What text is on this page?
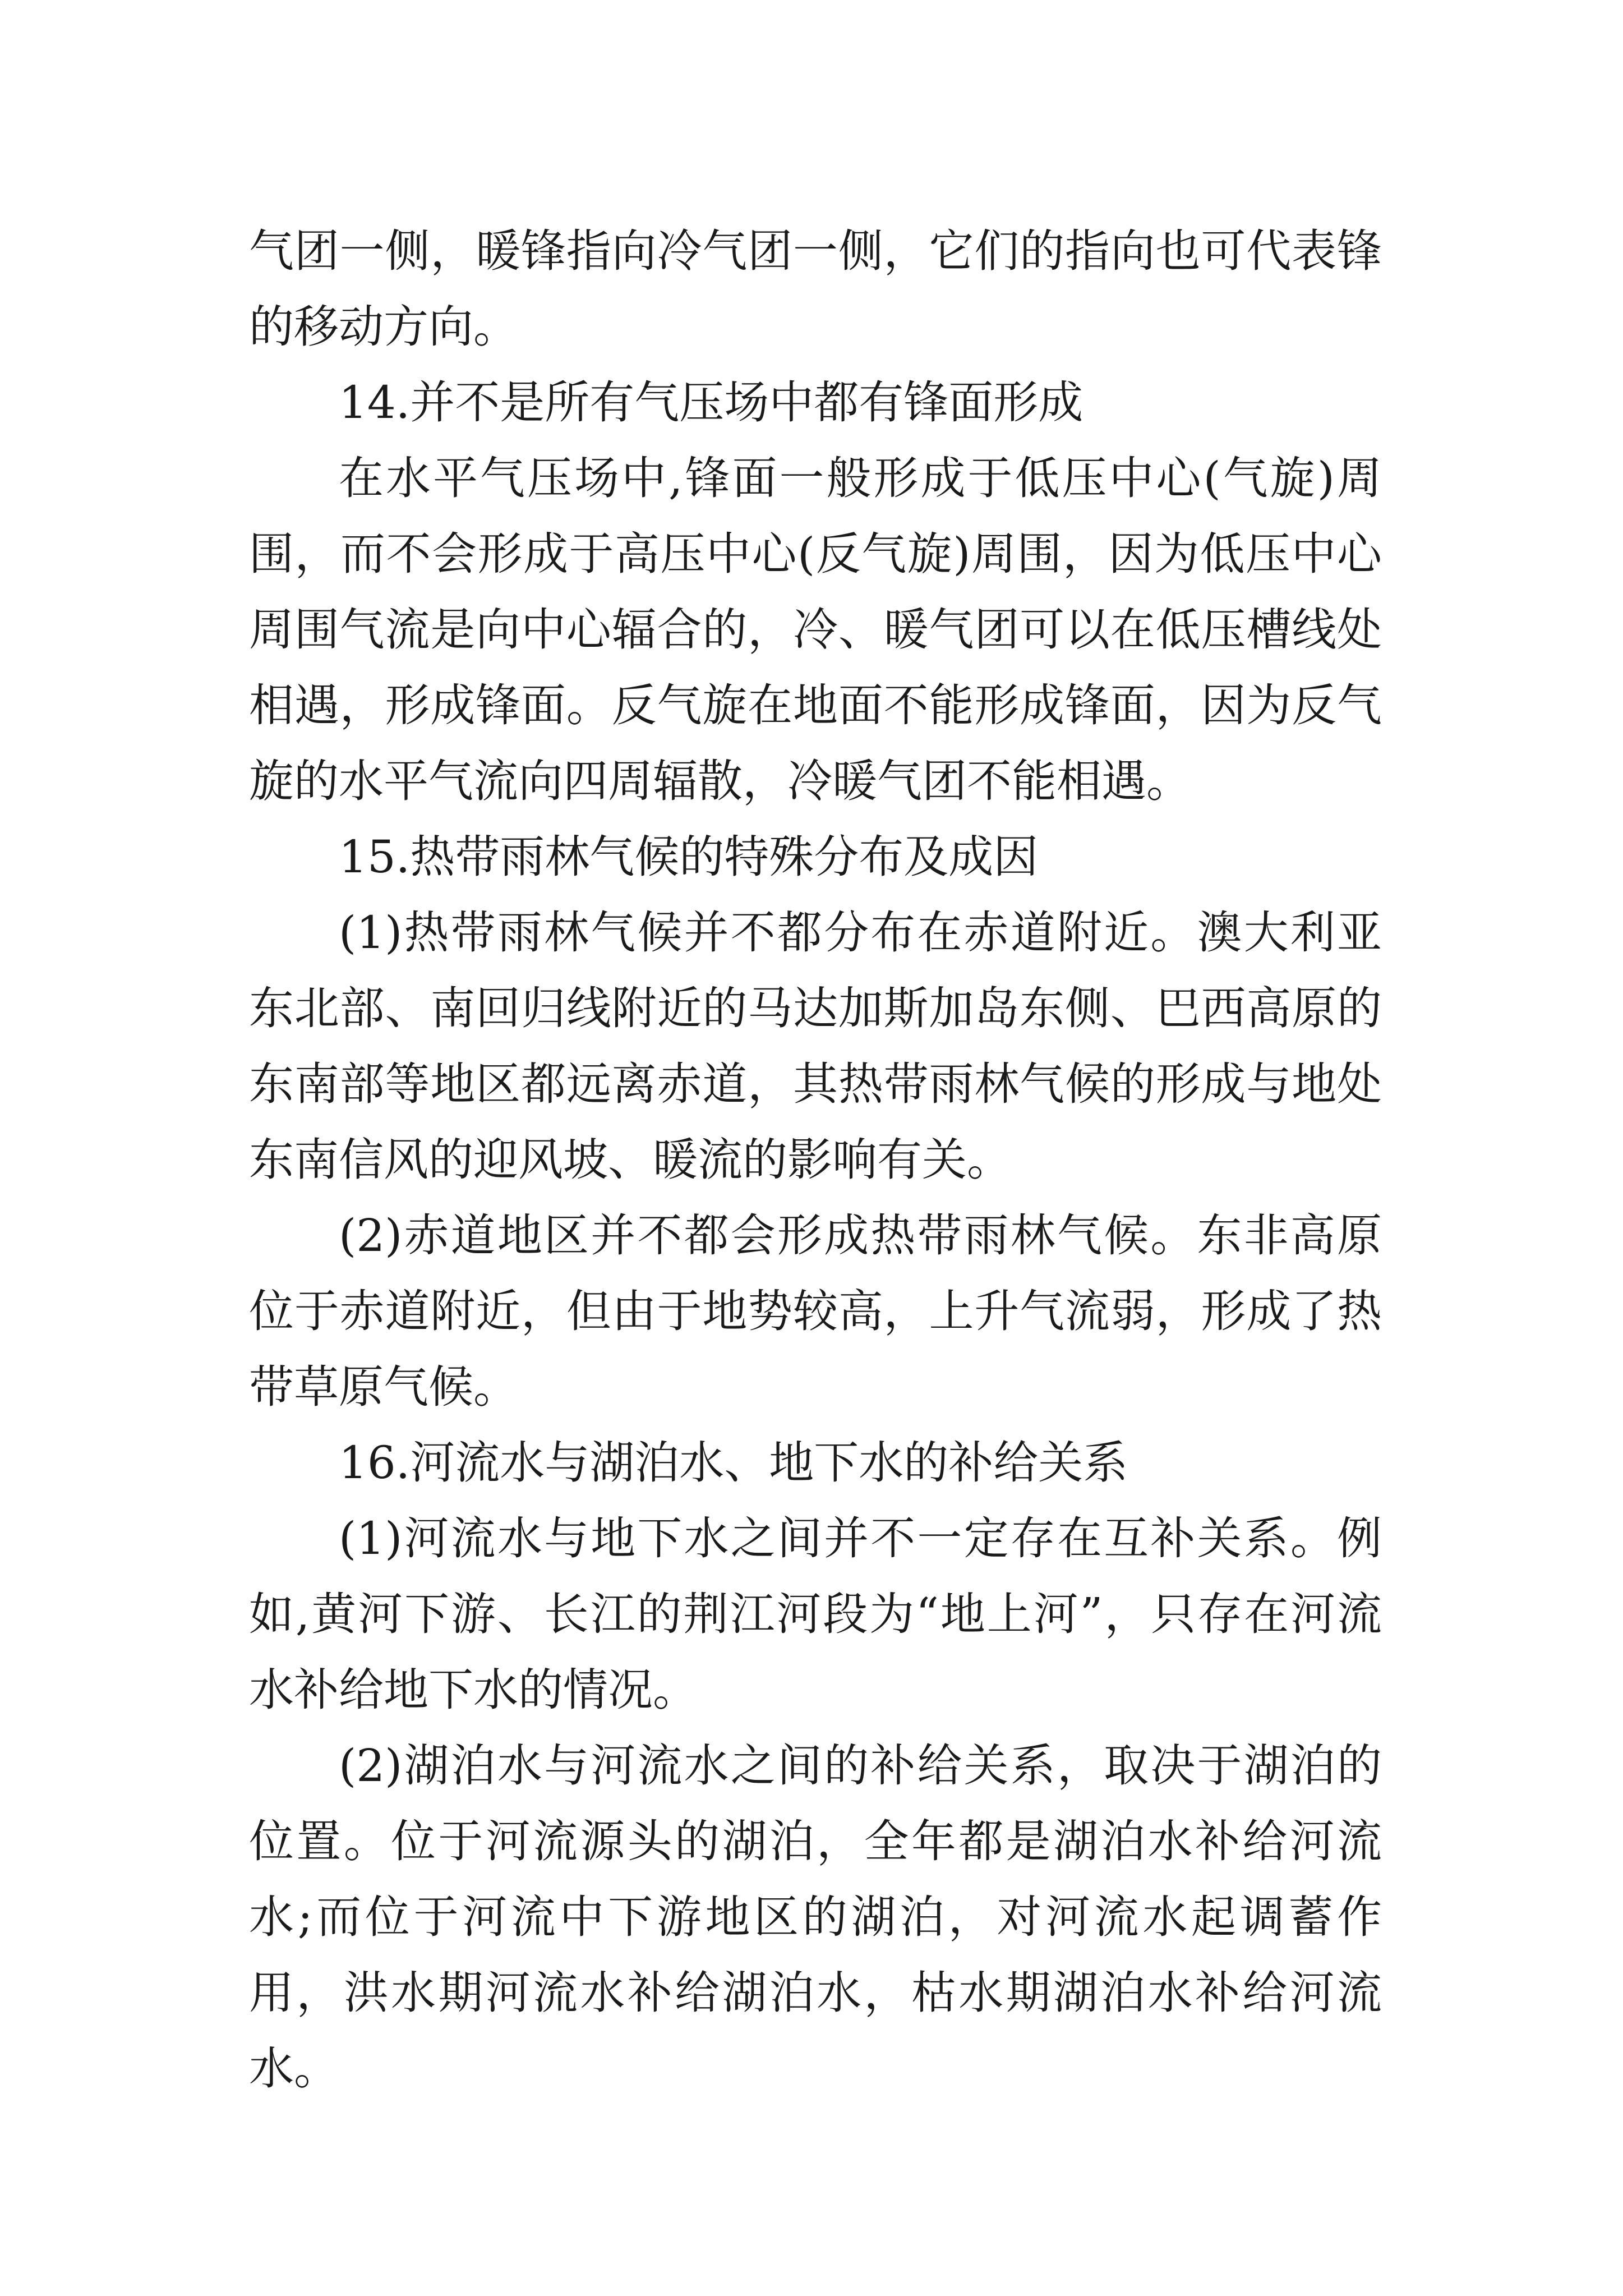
气团一侧，暖锋指向冷气团一侧，它们的指向也可代表锋的移动方向。

14.并不是所有气压场中都有锋面形成

在水平气压场中,锋面一般形成于低压中心(气旋)周围，而不会形成于高压中心(反气旋)周围，因为低压中心周围气流是向中心辐合的，冷、暖气团可以在低压槽线处相遇，形成锋面。反气旋在地面不能形成锋面，因为反气旋的水平气流向四周辐散，冷暖气团不能相遇。

15.热带雨林气候的特殊分布及成因

(1)热带雨林气候并不都分布在赤道附近。澳大利亚东北部、南回归线附近的马达加斯加岛东侧、巴西高原的东南部等地区都远离赤道，其热带雨林气候的形成与地处东南信风的迎风坡、暖流的影响有关。

(2)赤道地区并不都会形成热带雨林气候。东非高原位于赤道附近，但由于地势较高，上升气流弱，形成了热带草原气候。

16.河流水与湖泊水、地下水的补给关系

(1)河流水与地下水之间并不一定存在互补关系。例如,黄河下游、长江的荆江河段为“地上河”，只存在河流水补给地下水的情况。

(2)湖泊水与河流水之间的补给关系，取决于湖泊的位置。位于河流源头的湖泊，全年都是湖泊水补给河流水;而位于河流中下游地区的湖泊，对河流水起调蓄作用，洪水期河流水补给湖泊水，枯水期湖泊水补给河流水。
